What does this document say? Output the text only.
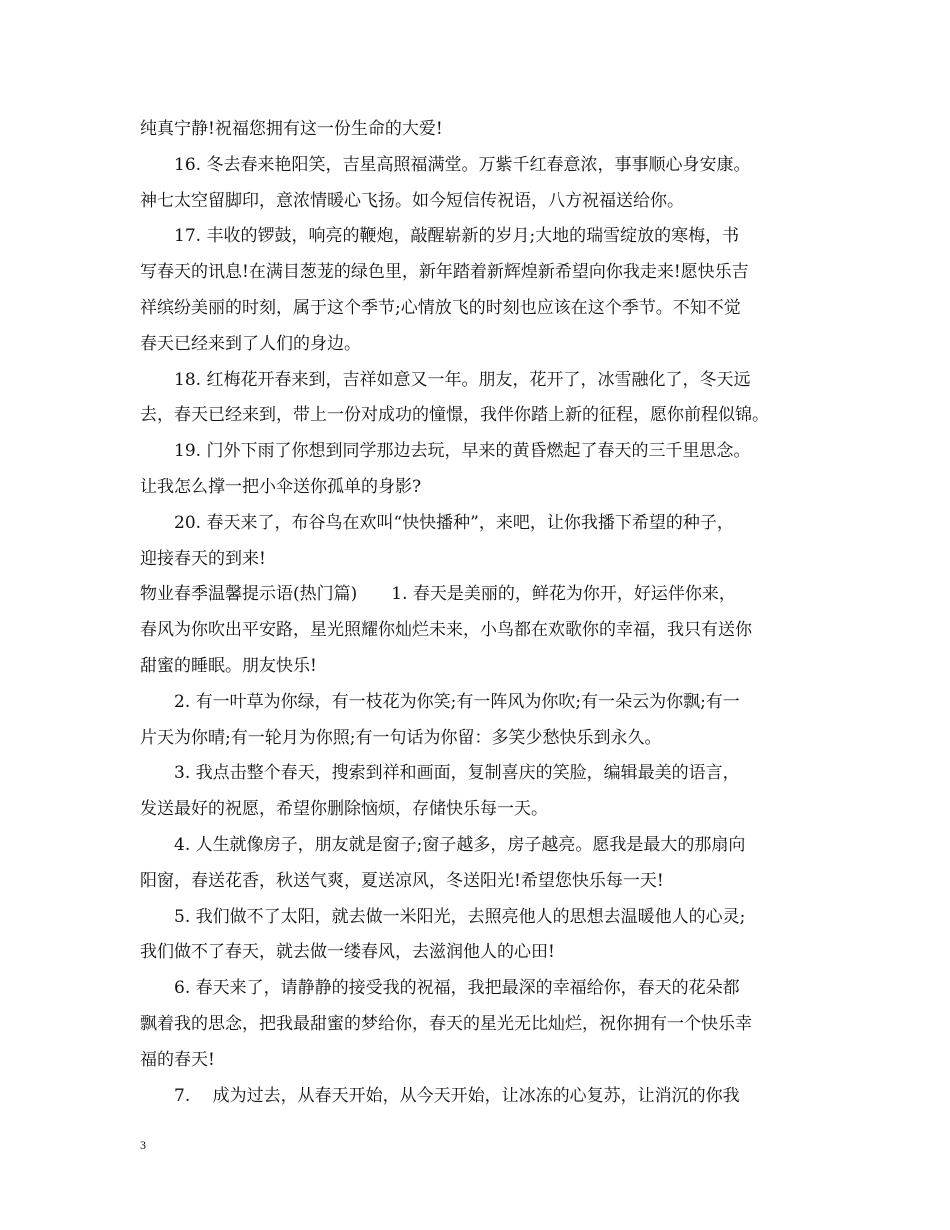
纯真宁静!祝福您拥有这一份生命的大爱!
16. 冬去春来艳阳笑，吉星高照福满堂。万紫千红春意浓，事事顺心身安康。
神七太空留脚印，意浓情暖心飞扬。如今短信传祝语，八方祝福送给你。
17. 丰收的锣鼓，响亮的鞭炮，敲醒崭新的岁月;大地的瑞雪绽放的寒梅，书
写春天的讯息!在满目葱茏的绿色里，新年踏着新辉煌新希望向你我走来!愿快乐吉
祥缤纷美丽的时刻，属于这个季节;心情放飞的时刻也应该在这个季节。不知不觉
春天已经来到了人们的身边。
18. 红梅花开春来到，吉祥如意又一年。朋友，花开了，冰雪融化了，冬天远
去，春天已经来到，带上一份对成功的憧憬，我伴你踏上新的征程，愿你前程似锦。
19. 门外下雨了你想到同学那边去玩，早来的黄昏燃起了春天的三千里思念。
让我怎么撑一把小伞送你孤单的身影?
20. 春天来了，布谷鸟在欢叫“快快播种”，来吧，让你我播下希望的种子，
迎接春天的到来!
物业春季温馨提示语(热门篇)　　1. 春天是美丽的，鲜花为你开，好运伴你来，
春风为你吹出平安路，星光照耀你灿烂未来，小鸟都在欢歌你的幸福，我只有送你
甜蜜的睡眠。朋友快乐!
2. 有一叶草为你绿，有一枝花为你笑;有一阵风为你吹;有一朵云为你飘;有一
片天为你晴;有一轮月为你照;有一句话为你留：多笑少愁快乐到永久。
3. 我点击整个春天，搜索到祥和画面，复制喜庆的笑脸，编辑最美的语言，
发送最好的祝愿，希望你删除恼烦，存储快乐每一天。
4. 人生就像房子，朋友就是窗子;窗子越多，房子越亮。愿我是最大的那扇向
阳窗，春送花香，秋送气爽，夏送凉风，冬送阳光!希望您快乐每一天!
5. 我们做不了太阳，就去做一米阳光，去照亮他人的思想去温暖他人的心灵;
我们做不了春天，就去做一缕春风，去滋润他人的心田!
6. 春天来了，请静静的接受我的祝福，我把最深的幸福给你，春天的花朵都
飘着我的思念，把我最甜蜜的梦给你，春天的星光无比灿烂，祝你拥有一个快乐幸
福的春天!
7.　 成为过去，从春天开始，从今天开始，让冰冻的心复苏，让消沉的你我
3
